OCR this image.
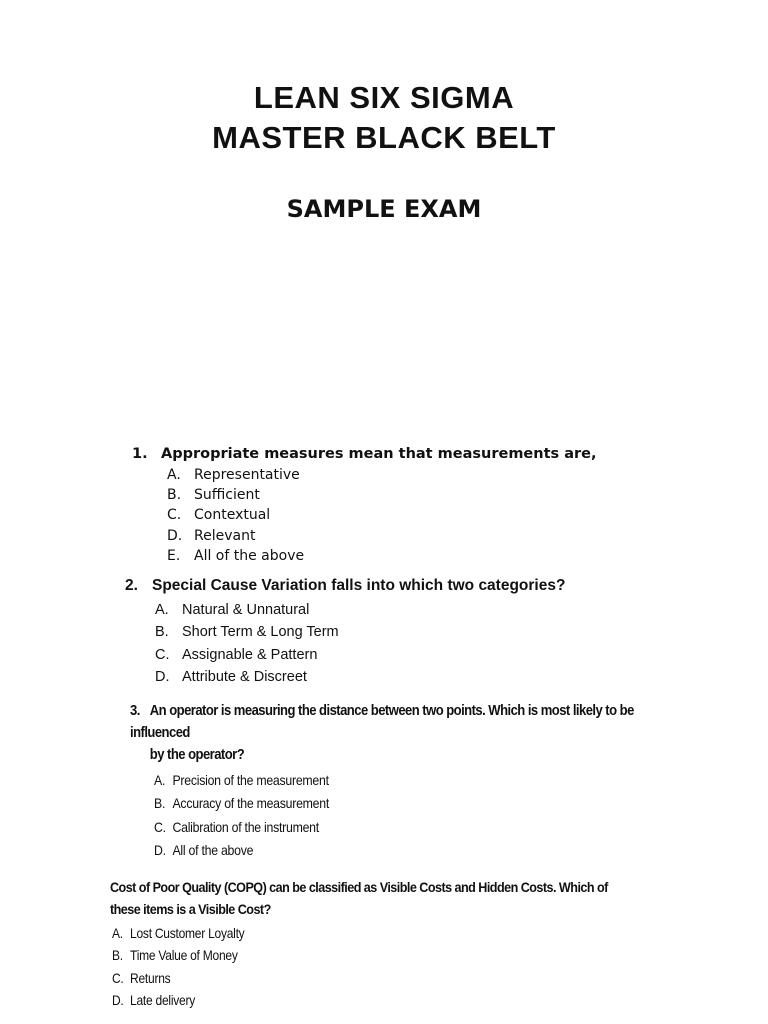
LEAN SIX SIGMA
MASTER BLACK BELT
SAMPLE EXAM

1. Appropriate measures mean that measurements are,

A. Representative
B. Sufficient
C. Contextual
D. Relevant
E. All of the above

2. Special Cause Variation falls into which two categories?

A. Natural & Unnatural
B. Short Term & Long Term
C. Assignable & Pattern
D. Attribute & Discreet

3. An operator is measuring the distance between two points. Which is most likely to be influenced
by the operator?

A. Precision of the measurement
B. Accuracy of the measurement
C. Calibration of the instrument
D. All of the above

Cost of Poor Quality (COPQ) can be classified as Visible Costs and Hidden Costs. Which of
these items is a Visible Cost?

A. Lost Customer Loyalty
B. Time Value of Money
C. Returns
D. Late delivery
